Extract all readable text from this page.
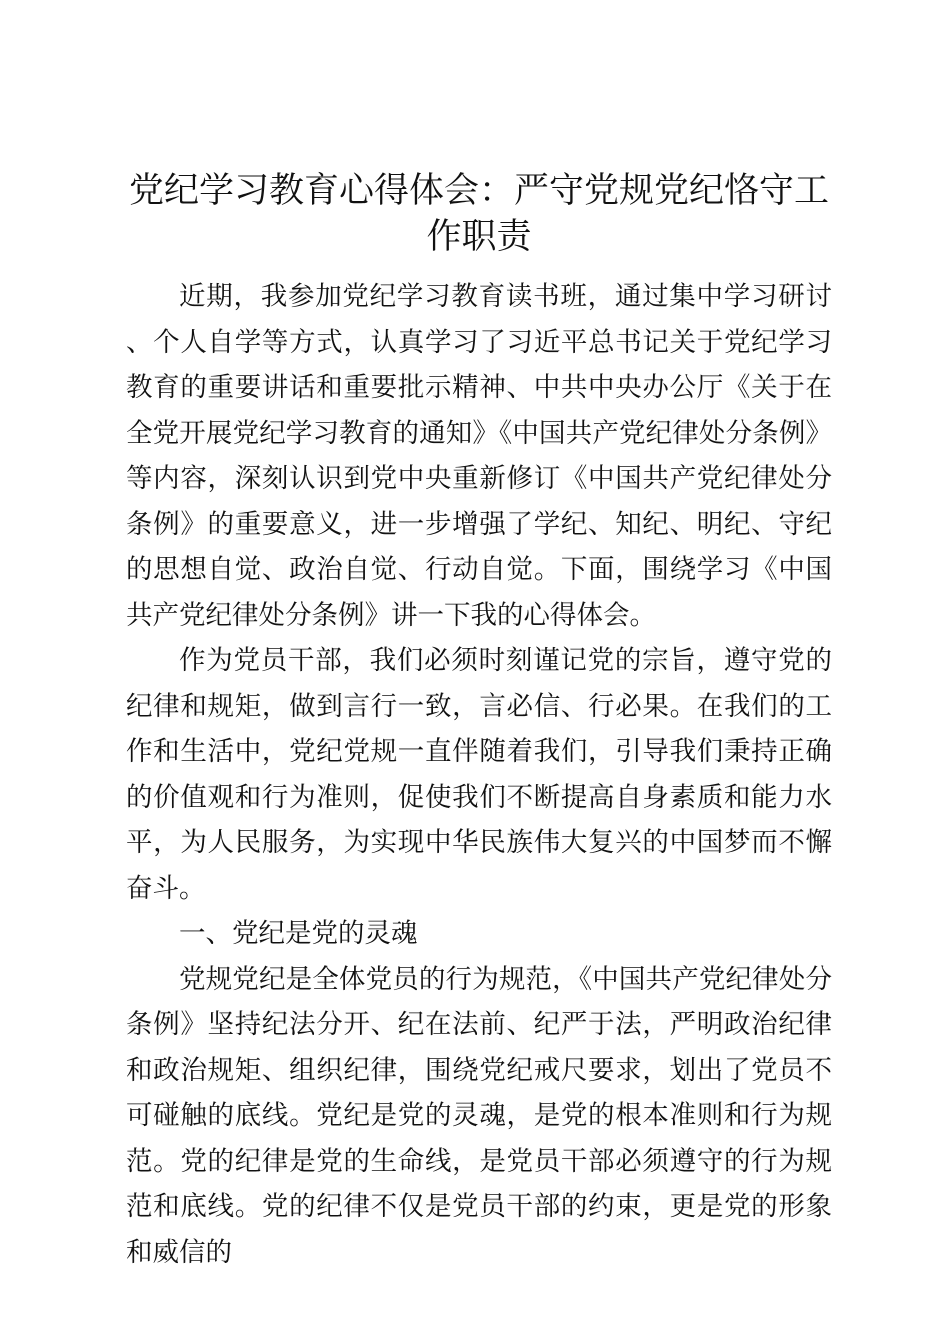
党纪学习教育心得体会：严守党规党纪恪守工作职责

近期，我参加党纪学习教育读书班，通过集中学习研讨、个人自学等方式，认真学习了习近平总书记关于党纪学习教育的重要讲话和重要批示精神、中共中央办公厅《关于在全党开展党纪学习教育的通知》《中国共产党纪律处分条例》等内容，深刻认识到党中央重新修订《中国共产党纪律处分条例》的重要意义，进一步增强了学纪、知纪、明纪、守纪的思想自觉、政治自觉、行动自觉。下面，围绕学习《中国共产党纪律处分条例》讲一下我的心得体会。

作为党员干部，我们必须时刻谨记党的宗旨，遵守党的纪律和规矩，做到言行一致，言必信、行必果。在我们的工作和生活中，党纪党规一直伴随着我们，引导我们秉持正确的价值观和行为准则，促使我们不断提高自身素质和能力水平，为人民服务，为实现中华民族伟大复兴的中国梦而不懈奋斗。

一、党纪是党的灵魂

党规党纪是全体党员的行为规范，《中国共产党纪律处分条例》坚持纪法分开、纪在法前、纪严于法，严明政治纪律和政治规矩、组织纪律，围绕党纪戒尺要求，划出了党员不可碰触的底线。党纪是党的灵魂，是党的根本准则和行为规范。党的纪律是党的生命线，是党员干部必须遵守的行为规范和底线。党的纪律不仅是党员干部的约束，更是党的形象和威信的
